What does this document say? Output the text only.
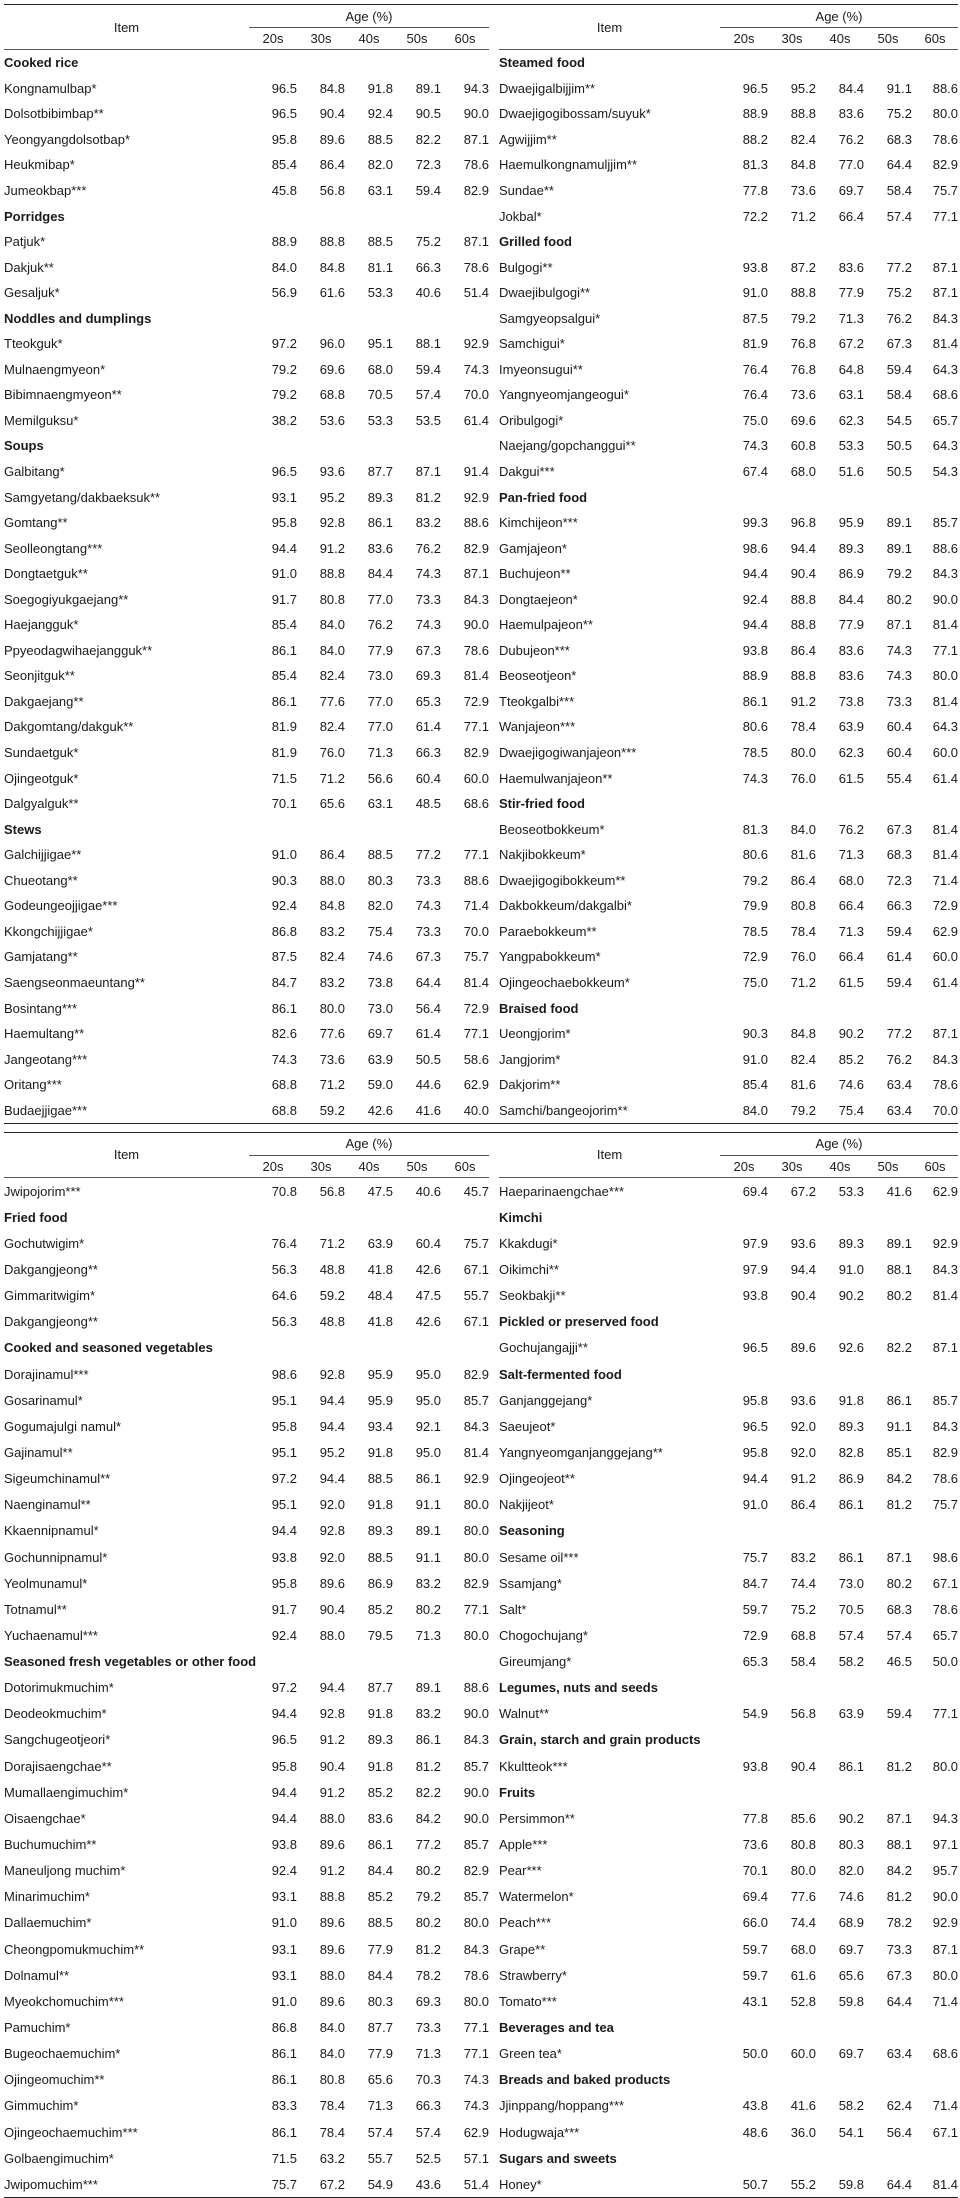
Item	Age (%)						Item	Age (%)				
	20s	30s	40s	50s	60s			20s	30s	40s	50s	60s
Cooked rice							Steamed food					
Kongnamulbap*	96.5	84.8	91.8	89.1	94.3		Dwaejigalbijjim**	96.5	95.2	84.4	91.1	88.6
Dolsotbibimbap**	96.5	90.4	92.4	90.5	90.0		Dwaejigogibossam/suyuk*	88.9	88.8	83.6	75.2	80.0
Yeongyangdolsotbap*	95.8	89.6	88.5	82.2	87.1		Agwijjim**	88.2	82.4	76.2	68.3	78.6
Heukmibap*	85.4	86.4	82.0	72.3	78.6		Haemulkongnamuljjim**	81.3	84.8	77.0	64.4	82.9
Jumeokbap***	45.8	56.8	63.1	59.4	82.9		Sundae**	77.8	73.6	69.7	58.4	75.7
Porridges							Jokbal*	72.2	71.2	66.4	57.4	77.1
Patjuk*	88.9	88.8	88.5	75.2	87.1		Grilled food					
Dakjuk**	84.0	84.8	81.1	66.3	78.6		Bulgogi**	93.8	87.2	83.6	77.2	87.1
Gesaljuk*	56.9	61.6	53.3	40.6	51.4		Dwaejibulgogi**	91.0	88.8	77.9	75.2	87.1
Noddles and dumplings							Samgyeopsalgui*	87.5	79.2	71.3	76.2	84.3
Tteokguk*	97.2	96.0	95.1	88.1	92.9		Samchigui*	81.9	76.8	67.2	67.3	81.4
Mulnaengmyeon*	79.2	69.6	68.0	59.4	74.3		Imyeonsugui**	76.4	76.8	64.8	59.4	64.3
Bibimnaengmyeon**	79.2	68.8	70.5	57.4	70.0		Yangnyeomjangeogui*	76.4	73.6	63.1	58.4	68.6
Memilguksu*	38.2	53.6	53.3	53.5	61.4		Oribulgogi*	75.0	69.6	62.3	54.5	65.7
Soups							Naejang/gopchanggui**	74.3	60.8	53.3	50.5	64.3
Galbitang*	96.5	93.6	87.7	87.1	91.4		Dakgui***	67.4	68.0	51.6	50.5	54.3
Samgyetang/dakbaeksuk**	93.1	95.2	89.3	81.2	92.9		Pan-fried food					
Gomtang**	95.8	92.8	86.1	83.2	88.6		Kimchijeon***	99.3	96.8	95.9	89.1	85.7
Seolleongtang***	94.4	91.2	83.6	76.2	82.9		Gamjajeon*	98.6	94.4	89.3	89.1	88.6
Dongtaetguk**	91.0	88.8	84.4	74.3	87.1		Buchujeon**	94.4	90.4	86.9	79.2	84.3
Soegogiyukgaejang**	91.7	80.8	77.0	73.3	84.3		Dongtaejeon*	92.4	88.8	84.4	80.2	90.0
Haejangguk*	85.4	84.0	76.2	74.3	90.0		Haemulpajeon**	94.4	88.8	77.9	87.1	81.4
Ppyeodagwihaejangguk**	86.1	84.0	77.9	67.3	78.6		Dubujeon***	93.8	86.4	83.6	74.3	77.1
Seonjitguk**	85.4	82.4	73.0	69.3	81.4		Beoseotjeon*	88.9	88.8	83.6	74.3	80.0
Dakgaejang**	86.1	77.6	77.0	65.3	72.9		Tteokgalbi***	86.1	91.2	73.8	73.3	81.4
Dakgomtang/dakguk**	81.9	82.4	77.0	61.4	77.1		Wanjajeon***	80.6	78.4	63.9	60.4	64.3
Sundaetguk*	81.9	76.0	71.3	66.3	82.9		Dwaejigogiwanjajeon***	78.5	80.0	62.3	60.4	60.0
Ojingeotguk*	71.5	71.2	56.6	60.4	60.0		Haemulwanjajeon**	74.3	76.0	61.5	55.4	61.4
Dalgyalguk**	70.1	65.6	63.1	48.5	68.6		Stir-fried food					
Stews							Beoseotbokkeum*	81.3	84.0	76.2	67.3	81.4
Galchijjigae**	91.0	86.4	88.5	77.2	77.1		Nakjibokkeum*	80.6	81.6	71.3	68.3	81.4
Chueotang**	90.3	88.0	80.3	73.3	88.6		Dwaejigogibokkeum**	79.2	86.4	68.0	72.3	71.4
Godeungeojjigae***	92.4	84.8	82.0	74.3	71.4		Dakbokkeum/dakgalbi*	79.9	80.8	66.4	66.3	72.9
Kkongchijjigae*	86.8	83.2	75.4	73.3	70.0		Paraebokkeum**	78.5	78.4	71.3	59.4	62.9
Gamjatang**	87.5	82.4	74.6	67.3	75.7		Yangpabokkeum*	72.9	76.0	66.4	61.4	60.0
Saengseonmaeuntang**	84.7	83.2	73.8	64.4	81.4		Ojingeochaebokkeum*	75.0	71.2	61.5	59.4	61.4
Bosintang***	86.1	80.0	73.0	56.4	72.9		Braised food					
Haemultang**	82.6	77.6	69.7	61.4	77.1		Ueongjorim*	90.3	84.8	90.2	77.2	87.1
Jangeotang***	74.3	73.6	63.9	50.5	58.6		Jangjorim*	91.0	82.4	85.2	76.2	84.3
Oritang***	68.8	71.2	59.0	44.6	62.9		Dakjorim**	85.4	81.6	74.6	63.4	78.6
Budaejjigae***	68.8	59.2	42.6	41.6	40.0		Samchi/bangeojorim**	84.0	79.2	75.4	63.4	70.0
Item	Age (%)						Item	Age (%)				
	20s	30s	40s	50s	60s			20s	30s	40s	50s	60s
Jwipojorim***	70.8	56.8	47.5	40.6	45.7		Haeparinaengchae***	69.4	67.2	53.3	41.6	62.9
Fried food							Kimchi					
Gochutwigim*	76.4	71.2	63.9	60.4	75.7		Kkakdugi*	97.9	93.6	89.3	89.1	92.9
Dakgangjeong**	56.3	48.8	41.8	42.6	67.1		Oikimchi**	97.9	94.4	91.0	88.1	84.3
Gimmaritwigim*	64.6	59.2	48.4	47.5	55.7		Seokbakji**	93.8	90.4	90.2	80.2	81.4
Dakgangjeong**	56.3	48.8	41.8	42.6	67.1		Pickled or preserved food					
Cooked and seasoned vegetables							Gochujangajji**	96.5	89.6	92.6	82.2	87.1
Dorajinamul***	98.6	92.8	95.9	95.0	82.9		Salt-fermented food					
Gosarinamul*	95.1	94.4	95.9	95.0	85.7		Ganjanggejang*	95.8	93.6	91.8	86.1	85.7
Gogumajulgi namul*	95.8	94.4	93.4	92.1	84.3		Saeujeot*	96.5	92.0	89.3	91.1	84.3
Gajinamul**	95.1	95.2	91.8	95.0	81.4		Yangnyeomganjanggejang**	95.8	92.0	82.8	85.1	82.9
Sigeumchinamul**	97.2	94.4	88.5	86.1	92.9		Ojingeojeot**	94.4	91.2	86.9	84.2	78.6
Naenginamul**	95.1	92.0	91.8	91.1	80.0		Nakjijeot*	91.0	86.4	86.1	81.2	75.7
Kkaennipnamul*	94.4	92.8	89.3	89.1	80.0		Seasoning					
Gochunnipnamul*	93.8	92.0	88.5	91.1	80.0		Sesame oil***	75.7	83.2	86.1	87.1	98.6
Yeolmunamul*	95.8	89.6	86.9	83.2	82.9		Ssamjang*	84.7	74.4	73.0	80.2	67.1
Totnamul**	91.7	90.4	85.2	80.2	77.1		Salt*	59.7	75.2	70.5	68.3	78.6
Yuchaenamul***	92.4	88.0	79.5	71.3	80.0		Chogochujang*	72.9	68.8	57.4	57.4	65.7
Seasoned fresh vegetables or other food							Gireumjang*	65.3	58.4	58.2	46.5	50.0
Dotorimukmuchim*	97.2	94.4	87.7	89.1	88.6		Legumes, nuts and seeds					
Deodeokmuchim*	94.4	92.8	91.8	83.2	90.0		Walnut**	54.9	56.8	63.9	59.4	77.1
Sangchugeotjeori*	96.5	91.2	89.3	86.1	84.3		Grain, starch and grain products					
Dorajisaengchae**	95.8	90.4	91.8	81.2	85.7		Kkultteok***	93.8	90.4	86.1	81.2	80.0
Mumallaengimuchim*	94.4	91.2	85.2	82.2	90.0		Fruits					
Oisaengchae*	94.4	88.0	83.6	84.2	90.0		Persimmon**	77.8	85.6	90.2	87.1	94.3
Buchumuchim**	93.8	89.6	86.1	77.2	85.7		Apple***	73.6	80.8	80.3	88.1	97.1
Maneuljong muchim*	92.4	91.2	84.4	80.2	82.9		Pear***	70.1	80.0	82.0	84.2	95.7
Minarimuchim*	93.1	88.8	85.2	79.2	85.7		Watermelon*	69.4	77.6	74.6	81.2	90.0
Dallaemuchim*	91.0	89.6	88.5	80.2	80.0		Peach***	66.0	74.4	68.9	78.2	92.9
Cheongpomukmuchim**	93.1	89.6	77.9	81.2	84.3		Grape**	59.7	68.0	69.7	73.3	87.1
Dolnamul**	93.1	88.0	84.4	78.2	78.6		Strawberry*	59.7	61.6	65.6	67.3	80.0
Myeokchomuchim***	91.0	89.6	80.3	69.3	80.0		Tomato***	43.1	52.8	59.8	64.4	71.4
Pamuchim*	86.8	84.0	87.7	73.3	77.1		Beverages and tea					
Bugeochaemuchim*	86.1	84.0	77.9	71.3	77.1		Green tea*	50.0	60.0	69.7	63.4	68.6
Ojingeomuchim**	86.1	80.8	65.6	70.3	74.3		Breads and baked products					
Gimmuchim*	83.3	78.4	71.3	66.3	74.3		Jjinppang/hoppang***	43.8	41.6	58.2	62.4	71.4
Ojingeochaemuchim***	86.1	78.4	57.4	57.4	62.9		Hodugwaja***	48.6	36.0	54.1	56.4	67.1
Golbaengimuchim*	71.5	63.2	55.7	52.5	57.1		Sugars and sweets					
Jwipomuchim***	75.7	67.2	54.9	43.6	51.4		Honey*	50.7	55.2	59.8	64.4	81.4
